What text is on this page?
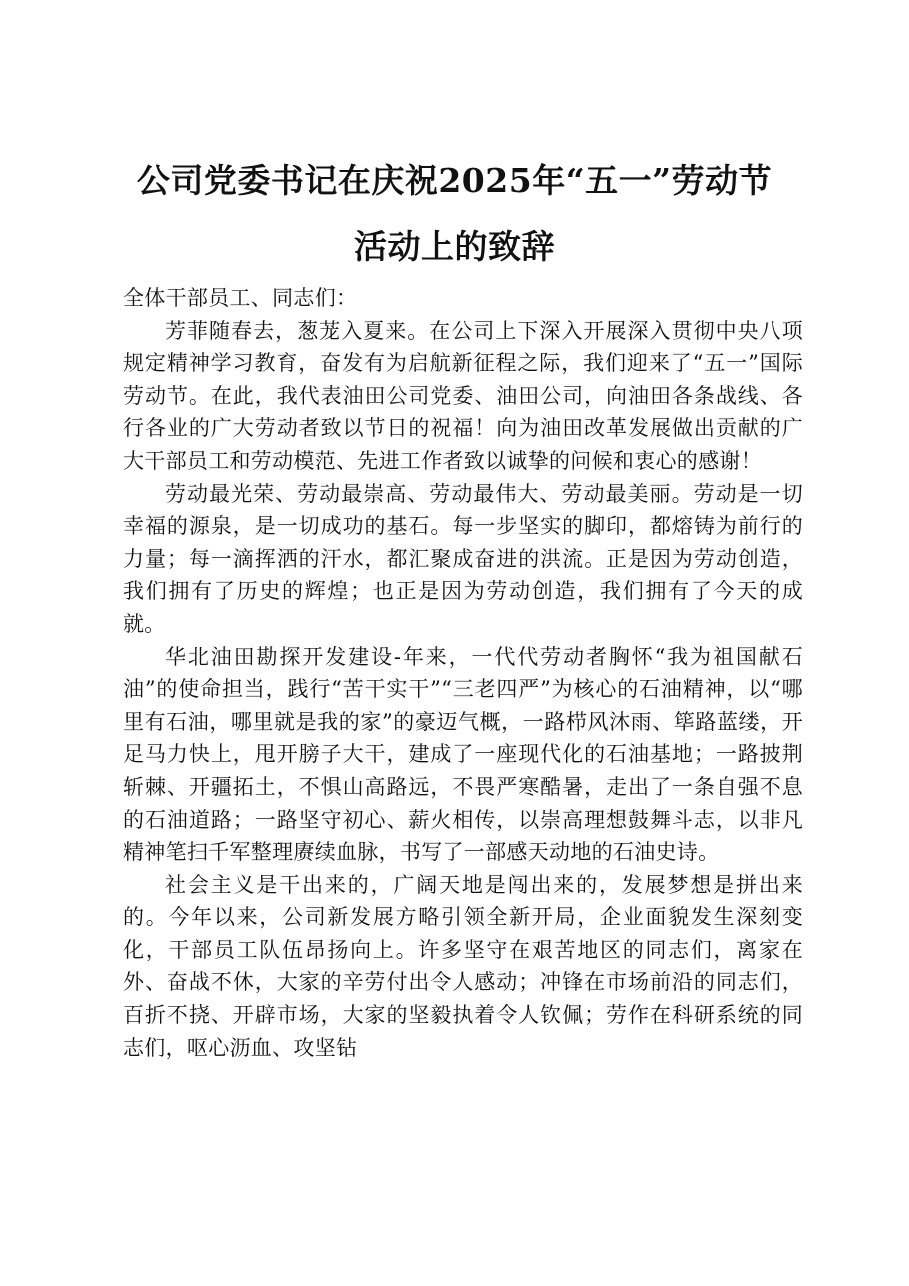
公司党委书记在庆祝2025年“五一”劳动节
活动上的致辞

全体干部员工、同志们：

芳菲随春去，葱茏入夏来。在公司上下深入开展深入贯彻中央八项规定精神学习教育，奋发有为启航新征程之际，我们迎来了“五一”国际劳动节。在此，我代表油田公司党委、油田公司，向油田各条战线、各行各业的广大劳动者致以节日的祝福！向为油田改革发展做出贡献的广大干部员工和劳动模范、先进工作者致以诚挚的问候和衷心的感谢！

劳动最光荣、劳动最崇高、劳动最伟大、劳动最美丽。劳动是一切幸福的源泉，是一切成功的基石。每一步坚实的脚印，都熔铸为前行的力量；每一滴挥洒的汗水，都汇聚成奋进的洪流。正是因为劳动创造，我们拥有了历史的辉煌；也正是因为劳动创造，我们拥有了今天的成就。

华北油田勘探开发建设-年来，一代代劳动者胸怀“我为祖国献石油”的使命担当，践行“苦干实干”“三老四严”为核心的石油精神，以“哪里有石油，哪里就是我的家”的豪迈气概，一路栉风沐雨、筚路蓝缕，开足马力快上，甩开膀子大干，建成了一座现代化的石油基地；一路披荆斩棘、开疆拓土，不惧山高路远，不畏严寒酷暑，走出了一条自强不息的石油道路；一路坚守初心、薪火相传，以崇高理想鼓舞斗志，以非凡精神笔扫千军整理赓续血脉，书写了一部感天动地的石油史诗。

社会主义是干出来的，广阔天地是闯出来的，发展梦想是拼出来的。今年以来，公司新发展方略引领全新开局，企业面貌发生深刻变化，干部员工队伍昂扬向上。许多坚守在艰苦地区的同志们，离家在外、奋战不休，大家的辛劳付出令人感动；冲锋在市场前沿的同志们，百折不挠、开辟市场，大家的坚毅执着令人钦佩；劳作在科研系统的同志们，呕心沥血、攻坚钻
